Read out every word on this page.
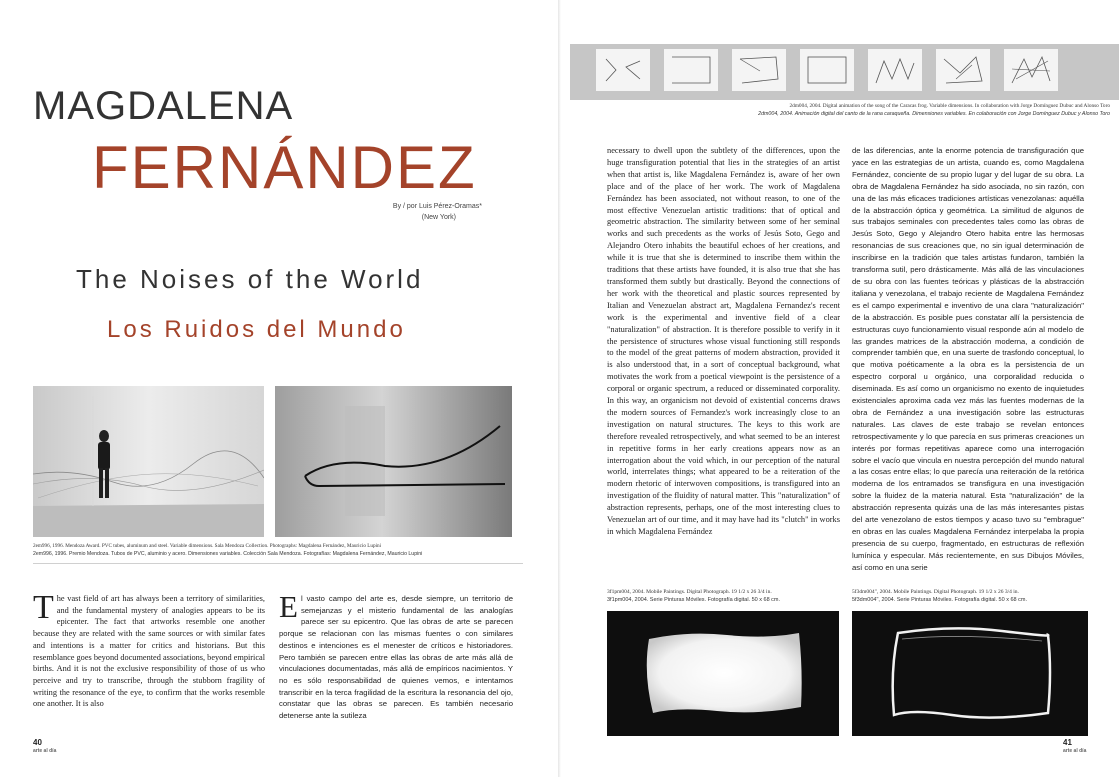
MAGDALENA
FERNÁNDEZ
By / por Luis Pérez-Oramas*
(New York)
The Noises of the World
Los Ruidos del Mundo
2em996, 1996. Mendoza Award. PVC tubes, aluminum and steel. Variable dimensions. Sala Mendoza Collection. Photographs: Magdalena Fernández, Mauricio Lupini
2em996, 1996. Premio Mendoza. Tubos de PVC, aluminio y acero. Dimensiones variables. Colección Sala Mendoza. Fotografías: Magdalena Fernández, Mauricio Lupini
T he vast field of art has always been a territory of similarities, and the fundamental mystery of analogies appears to be its epicenter. The fact that artworks resemble one another because they are related with the same sources or with similar fates and intentions is a matter for critics and historians. But this resemblance goes beyond documented associations, beyond empirical births. And it is not the exclusive responsibility of those of us who perceive and try to transcribe, through the stubborn fragility of writing the resonance of the eye, to confirm that the works resemble one another. It is also
E l vasto campo del arte es, desde siempre, un territorio de semejanzas y el misterio fundamental de las analogías parece ser su epicentro. Que las obras de arte se parecen porque se relacionan con las mismas fuentes o con similares destinos e intenciones es el menester de críticos e historiadores. Pero también se parecen entre ellas las obras de arte más allá de vinculaciones documentadas, más allá de empíricos nacimientos. Y no es sólo responsabilidad de quienes vemos, e intentamos transcribir en la terca fragilidad de la escritura la resonancia del ojo, constatar que las obras se parecen. Es también necesario detenerse ante la sutileza
40
arte al día
2dm004, 2004. Digital animation of the song of the Caracas frog. Variable dimensions. In collaboration with Jorge Domínguez Dubuc and Alonso Toro
2dm004, 2004. Animación digital del canto de la rana caraqueña. Dimensiones variables. En colaboración con Jorge Domínguez Dubuc y Alonso Toro
necessary to dwell upon the subtlety of the differences, upon the huge transfiguration potential that lies in the strategies of an artist when that artist is, like Magdalena Fernández is, aware of her own place and of the place of her work. The work of Magdalena Fernández has been associated, not without reason, to one of the most effective Venezuelan artistic traditions: that of optical and geometric abstraction. The similarity between some of her seminal works and such precedents as the works of Jesús Soto, Gego and Alejandro Otero inhabits the beautiful echoes of her creations, and while it is true that she is determined to inscribe them within the traditions that these artists have founded, it is also true that she has transformed them subtly but drastically. Beyond the connections of her work with the theoretical and plastic sources represented by Italian and Venezuelan abstract art, Magdalena Fernandez's recent work is the experimental and inventive field of a clear "naturalization" of abstraction. It is therefore possible to verify in it the persistence of structures whose visual functioning still responds to the model of the great patterns of modern abstraction, provided it is also understood that, in a sort of conceptual background, what motivates the work from a poetical viewpoint is the persistence of a corporal or organic spectrum, a reduced or disseminated corporality. In this way, an organicism not devoid of existential concerns draws the modern sources of Fernandez's work increasingly close to an investigation on natural structures. The keys to this work are therefore revealed retrospectively, and what seemed to be an interest in repetitive forms in her early creations appears now as an interrogation about the void which, in our perception of the natural world, interrelates things; what appeared to be a reiteration of the modern rhetoric of interwoven compositions, is transfigured into an investigation of the fluidity of natural matter. This "naturalization" of abstraction represents, perhaps, one of the most interesting clues to Venezuelan art of our time, and it may have had its "clutch" in works in which Magdalena Fernández
de las diferencias, ante la enorme potencia de transfiguración que yace en las estrategias de un artista, cuando es, como Magdalena Fernández, conciente de su propio lugar y del lugar de su obra. La obra de Magdalena Fernández ha sido asociada, no sin razón, con una de las más eficaces tradiciones artísticas venezolanas: aquélla de la abstracción óptica y geométrica. La similitud de algunos de sus trabajos seminales con precedentes tales como las obras de Jesús Soto, Gego y Alejandro Otero habita entre las hermosas resonancias de sus creaciones que, no sin igual determinación de inscribirse en la tradición que tales artistas fundaron, también la transforma sutil, pero drásticamente. Más allá de las vinculaciones de su obra con las fuentes teóricas y plásticas de la abstracción italiana y venezolana, el trabajo reciente de Magdalena Fernández es el campo experimental e inventivo de una clara "naturalización" de la abstracción. Es posible pues constatar allí la persistencia de estructuras cuyo funcionamiento visual responde aún al modelo de las grandes matrices de la abstracción moderna, a condición de comprender también que, en una suerte de trasfondo conceptual, lo que motiva poéticamente a la obra es la persistencia de un espectro corporal u orgánico, una corporalidad reducida o diseminada. Es así como un organicismo no exento de inquietudes existenciales aproxima cada vez más las fuentes modernas de la obra de Fernández a una investigación sobre las estructuras naturales. Las claves de este trabajo se revelan entonces retrospectivamente y lo que parecía en sus primeras creaciones un interés por formas repetitivas aparece como una interrogación sobre el vacío que vincula en nuestra percepción del mundo natural a las cosas entre ellas; lo que parecía una reiteración de la retórica moderna de los entramados se transfigura en una investigación sobre la fluidez de la materia natural. Esta "naturalización" de la abstracción representa quizás una de las más interesantes pistas del arte venezolano de estos tiempos y acaso tuvo su "embrague" en obras en las cuales Magdalena Fernández interpelaba la propia presencia de su cuerpo, fragmentado, en estructuras de reflexión lumínica y especular. Más recientemente, en sus Dibujos Móviles, así como en una serie
3f1pm004, 2004. Mobile Paintings. Digital Photograph. 19 1/2 x 26 3/4 in.
3f1pm004, 2004. Serie Pinturas Móviles. Fotografía digital. 50 x 68 cm.
5f3dm004", 2004. Mobile Paintings. Digital Photograph. 19 1/2 x 26 3/4 in.
5f3dm004", 2004. Serie Pinturas Móviles. Fotografía digital. 50 x 68 cm.
41
arte al día
